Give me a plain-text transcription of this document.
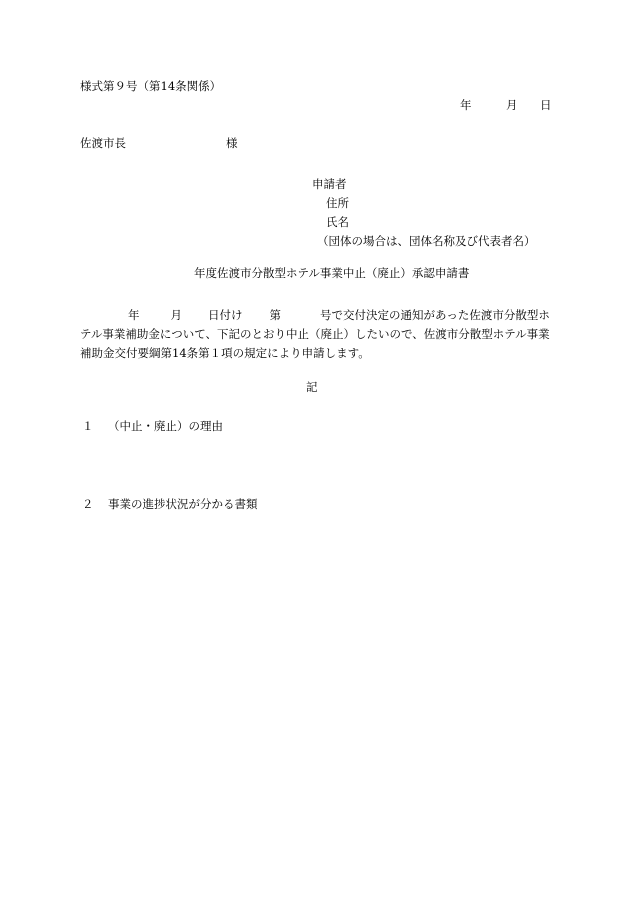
様式第９号（第14条関係）
年	月 日
佐渡市長	様
申請者
住所
氏名
（団体の場合は、団体名称及び代表者名）
年度佐渡市分散型ホテル事業中止（廃止）承認申請書
年	月 日付け 第	号で交付決定の通知があった佐渡市分散型ホテル事業補助金について、下記のとおり中止（廃止）したいので、佐渡市分散型ホテル事業補助金交付要綱第14条第１項の規定により申請します。
記
１ （中止・廃止）の理由
２ 事業の進捗状況が分かる書類
